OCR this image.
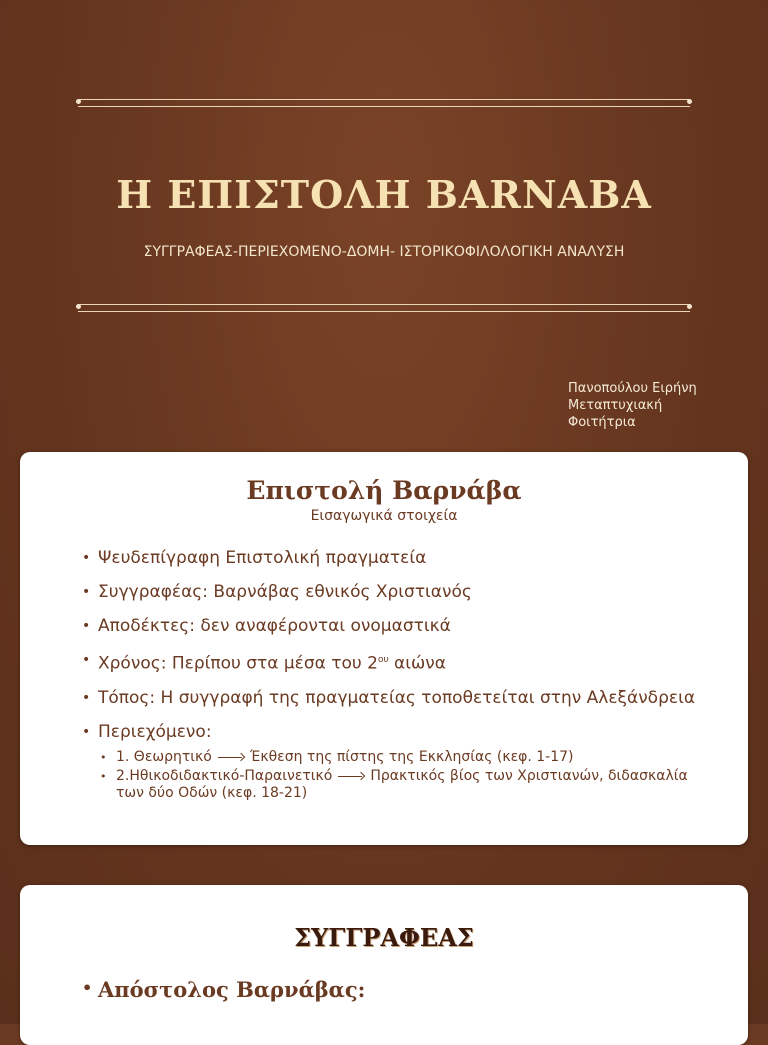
Η ΕΠΙΣΤΟΛΗ ΒΑRΝΑΒΑ
ΣΥΓΓΡΑΦΕΑΣ-ΠΕΡΙΕΧΟΜΕΝΟ-ΔΟΜΗ- ΙΣΤΟΡΙΚΟΦΙΛΟΛΟΓΙΚΗ ΑΝΑΛΥΣΗ
Πανοπούλου Ειρήνη
Μεταπτυχιακή
Φοιτήτρια
Επιστολή Βαρνάβα
Εισαγωγικά στοιχεία
• Ψευδεπίγραφη Επιστολική πραγματεία
• Συγγραφέας: Βαρνάβας εθνικός Χριστιανός
• Αποδέκτες: δεν αναφέρονται ονομαστικά
• Χρόνος: Περίπου στα μέσα του $2^{o\upsilon}$ αιώνα
• Τόπος: Η συγγραφή της πραγματείας τοποθετείται στην Αλεξάνδρεια
• Περιεχόμενο:
• 1. Θεωρητικό	Έκθεση της πίστης της Εκκλησίας (κεφ. 1-17)
• 2.Ηθικοδιδακτικό-Παραινετικό	Πρακτικός βίος των Χριστιανών, διδασκαλία των δύο Οδών (κεφ. 18-21)
ΣΥΓΓΡΑΦΕΑΣ
• Απόστολος Βαρνάβας:
